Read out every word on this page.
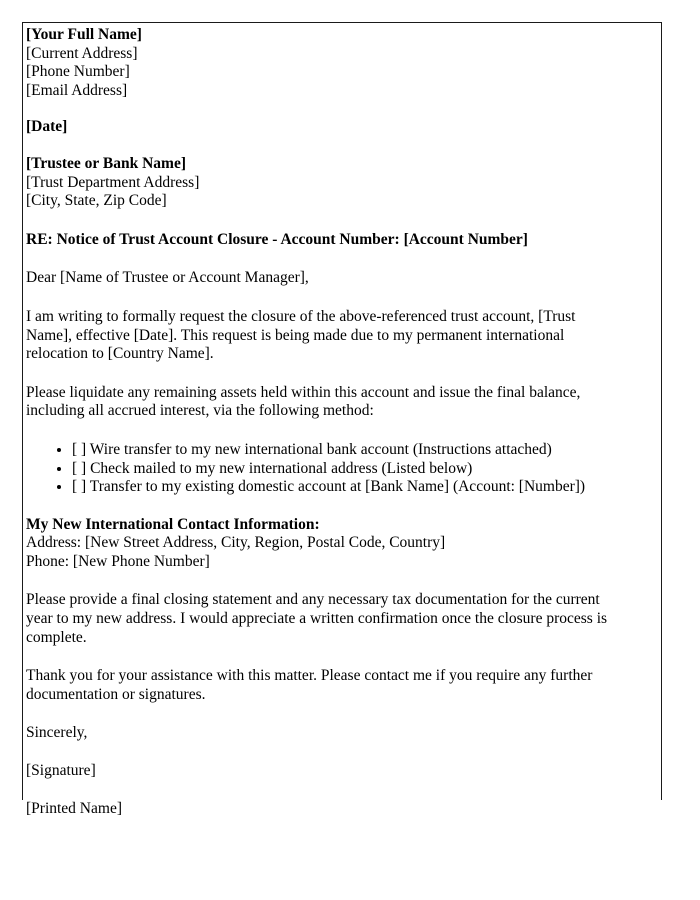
[Your Full Name]
[Current Address]
[Phone Number]
[Email Address]
[Date]
[Trustee or Bank Name]
[Trust Department Address]
[City, State, Zip Code]
RE: Notice of Trust Account Closure - Account Number: [Account Number]
Dear [Name of Trustee or Account Manager],

I am writing to formally request the closure of the above-referenced trust account, [Trust Name], effective [Date]. This request is being made due to my permanent international relocation to [Country Name].

Please liquidate any remaining assets held within this account and issue the final balance, including all accrued interest, via the following method:

• [ ] Wire transfer to my new international bank account (Instructions attached)
• [ ] Check mailed to my new international address (Listed below)
• [ ] Transfer to my existing domestic account at [Bank Name] (Account: [Number])
My New International Contact Information:
Address: [New Street Address, City, Region, Postal Code, Country]
Phone: [New Phone Number]

Please provide a final closing statement and any necessary tax documentation for the current year to my new address. I would appreciate a written confirmation once the closure process is complete.

Thank you for your assistance with this matter. Please contact me if you require any further documentation or signatures.

Sincerely,
[Signature]
[Printed Name]
